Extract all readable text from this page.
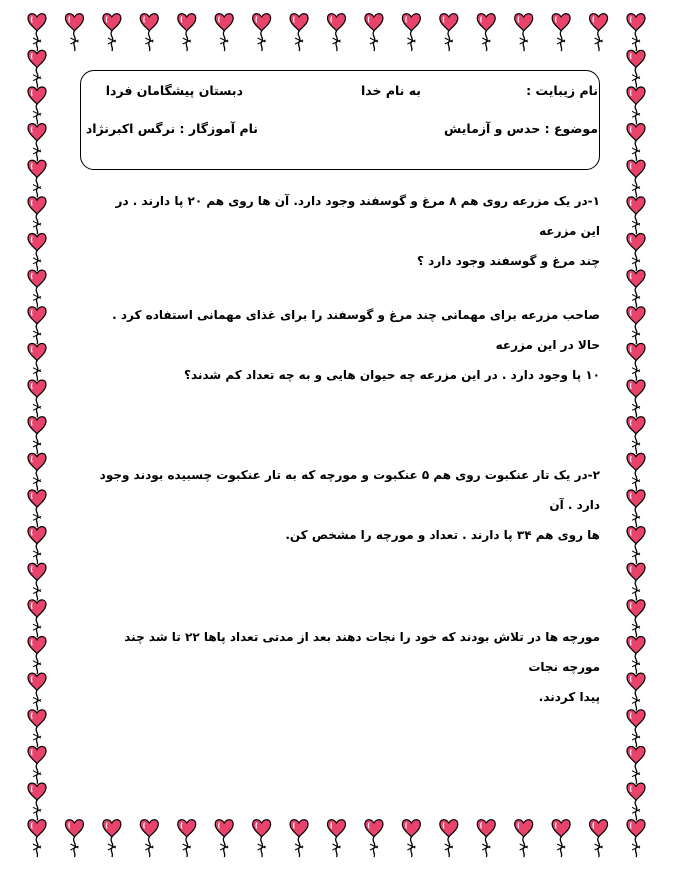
نام زیبایت :
به نام خدا
دبستان پیشگامان فردا
موضوع : حدس و آزمایش
نام آموزگار : نرگس اکبرنژاد
۱-در یک مزرعه روی هم ۸ مرغ و گوسفند وجود دارد. آن ها روی هم ۲۰ پا دارند . در این مزرعه
چند مرغ و گوسفند وجود دارد ؟
صاحب مزرعه برای مهمانی چند مرغ و گوسفند را برای غذای مهمانی استفاده کرد . حالا در این مزرعه
۱۰ پا وجود دارد . در این مزرعه چه حیوان هایی و به چه تعداد کم شدند؟
۲-در یک تار عنکبوت روی هم ۵ عنکبوت و مورچه که به تار عنکبوت چسبیده بودند وجود دارد . آن
ها روی هم ۳۴ پا دارند . تعداد و مورچه را مشخص کن.
مورچه ها در تلاش بودند که خود را نجات دهند بعد از مدتی تعداد پاها ۲۲ تا شد چند مورچه نجات
پیدا کردند.
